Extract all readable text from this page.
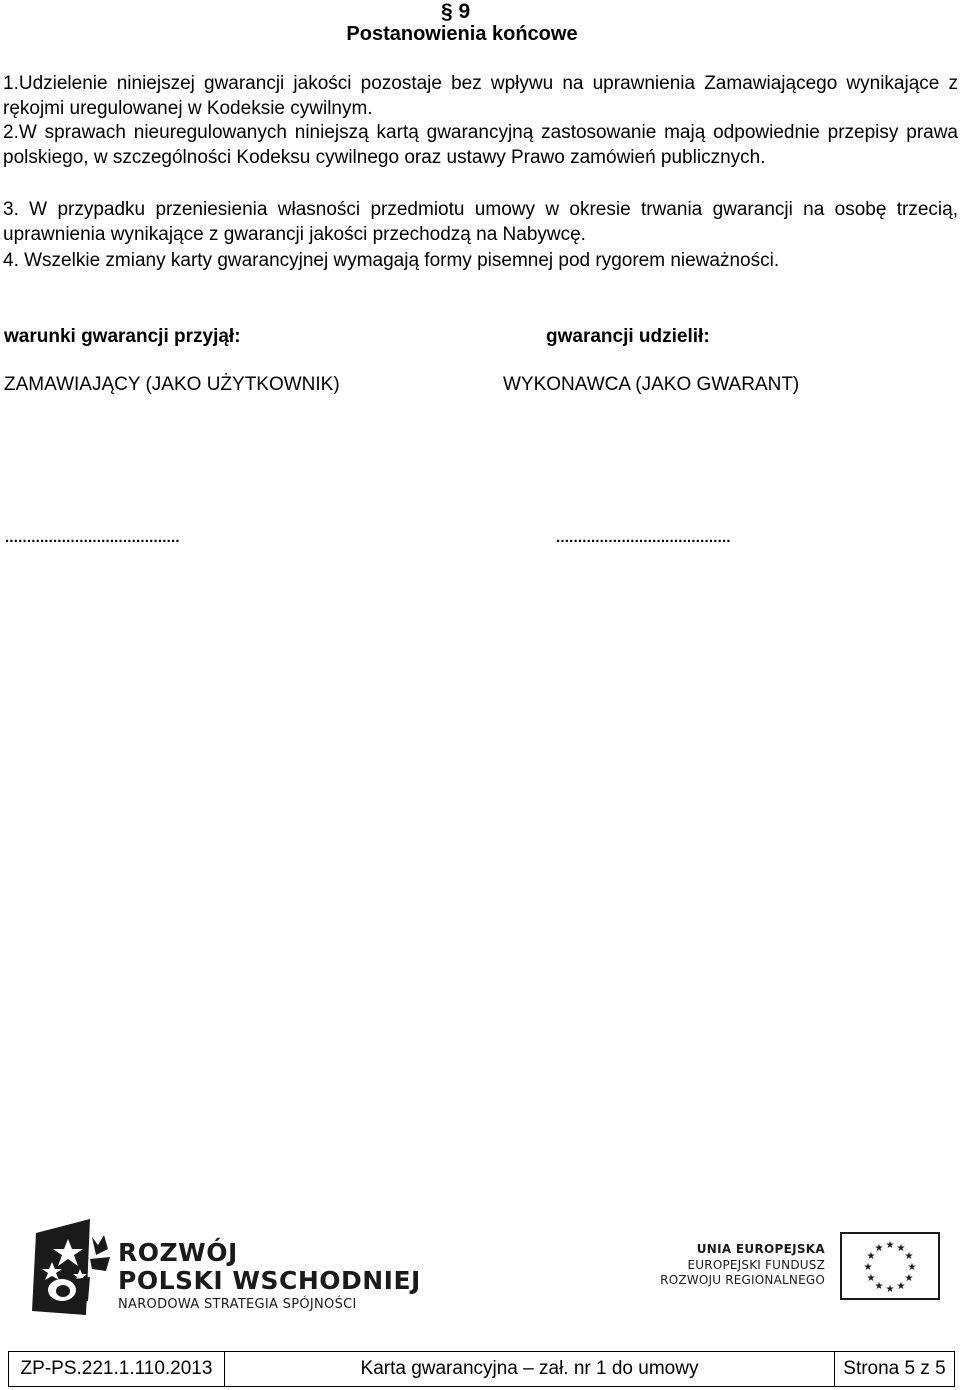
§ 9
Postanowienia końcowe
1.Udzielenie niniejszej gwarancji jakości pozostaje bez wpływu na uprawnienia Zamawiającego wynikające z rękojmi uregulowanej w Kodeksie cywilnym.
2.W sprawach nieuregulowanych niniejszą kartą gwarancyjną zastosowanie mają odpowiednie przepisy prawa polskiego, w szczególności Kodeksu cywilnego oraz ustawy Prawo zamówień publicznych.
3. W przypadku przeniesienia własności przedmiotu umowy w okresie trwania gwarancji na osobę trzecią, uprawnienia wynikające z gwarancji jakości przechodzą na Nabywcę.
4. Wszelkie zmiany karty gwarancyjnej wymagają formy pisemnej pod rygorem nieważności.
warunki gwarancji przyjął:	gwarancji udzielił:
ZAMAWIAJĄCY (JAKO UŻYTKOWNIK)	WYKONAWCA (JAKO GWARANT)
........................................	........................................
ROZWÓJ
POLSKI WSCHODNIEJ
NARODOWA STRATEGIA SPÓJNOŚCI
UNIA EUROPEJSKA
EUROPEJSKI FUNDUSZ
ROZWOJU REGIONALNEGO
★ ★
★
★
★
★
★
★
★
★
★
★
ZP-PS.221.1.110.2013	Karta gwarancyjna – zał. nr 1 do umowy	Strona 5 z 5
